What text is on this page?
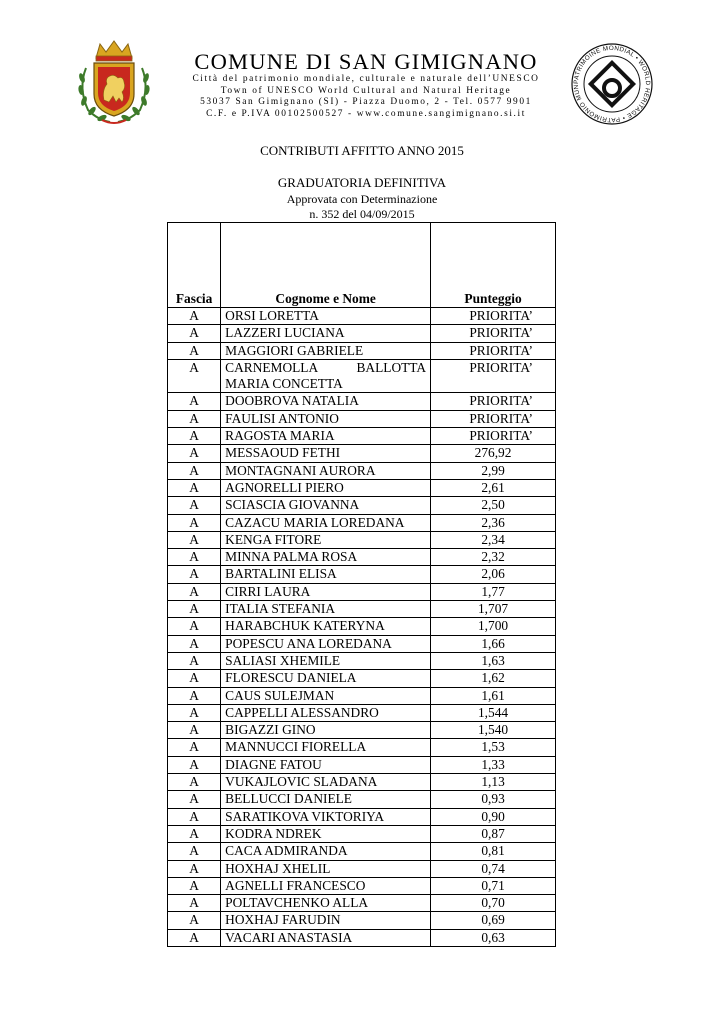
COMUNE DI SAN GIMIGNANO

Città del patrimonio mondiale, culturale e naturale dell’UNESCO

Town of UNESCO World Cultural and Natural Heritage

53037 San Gimignano (SI) - Piazza Duomo, 2 - Tel. 0577 9901

C.F. e P.IVA 00102500527 - www.comune.sangimignano.si.it

PATRIMOINE MONDIAL • WORLD HERITAGE • PATRIMONIO MUN
CONTRIBUTI AFFITTO ANNO 2015
GRADUATORIA DEFINITIVA
Approvata con Determinazione
n. 352 del 04/09/2015
Fascia	Cognome e Nome	Punteggio
A	ORSI LORETTA	PRIORITA’
A	LAZZERI LUCIANA	PRIORITA’
A	MAGGIORI GABRIELE	PRIORITA’
A	CARNEMOLLA BALLOTTA
MARIA CONCETTA	PRIORITA’
A	DOOBROVA NATALIA	PRIORITA’
A	FAULISI ANTONIO	PRIORITA’
A	RAGOSTA MARIA	PRIORITA’
A	MESSAOUD FETHI	276,92
A	MONTAGNANI AURORA	2,99
A	AGNORELLI PIERO	2,61
A	SCIASCIA GIOVANNA	2,50
A	CAZACU MARIA LOREDANA	2,36
A	KENGA FITORE	2,34
A	MINNA PALMA ROSA	2,32
A	BARTALINI ELISA	2,06
A	CIRRI LAURA	1,77
A	ITALIA STEFANIA	1,707
A	HARABCHUK KATERYNA	1,700
A	POPESCU ANA LOREDANA	1,66
A	SALIASI XHEMILE	1,63
A	FLORESCU DANIELA	1,62
A	CAUS SULEJMAN	1,61
A	CAPPELLI ALESSANDRO	1,544
A	BIGAZZI GINO	1,540
A	MANNUCCI FIORELLA	1,53
A	DIAGNE FATOU	1,33
A	VUKAJLOVIC SLADANA	1,13
A	BELLUCCI DANIELE	0,93
A	SARATIKOVA VIKTORIYA	0,90
A	KODRA NDREK	0,87
A	CACA ADMIRANDA	0,81
A	HOXHAJ XHELIL	0,74
A	AGNELLI FRANCESCO	0,71
A	POLTAVCHENKO ALLA	0,70
A	HOXHAJ FARUDIN	0,69
A	VACARI ANASTASIA	0,63
